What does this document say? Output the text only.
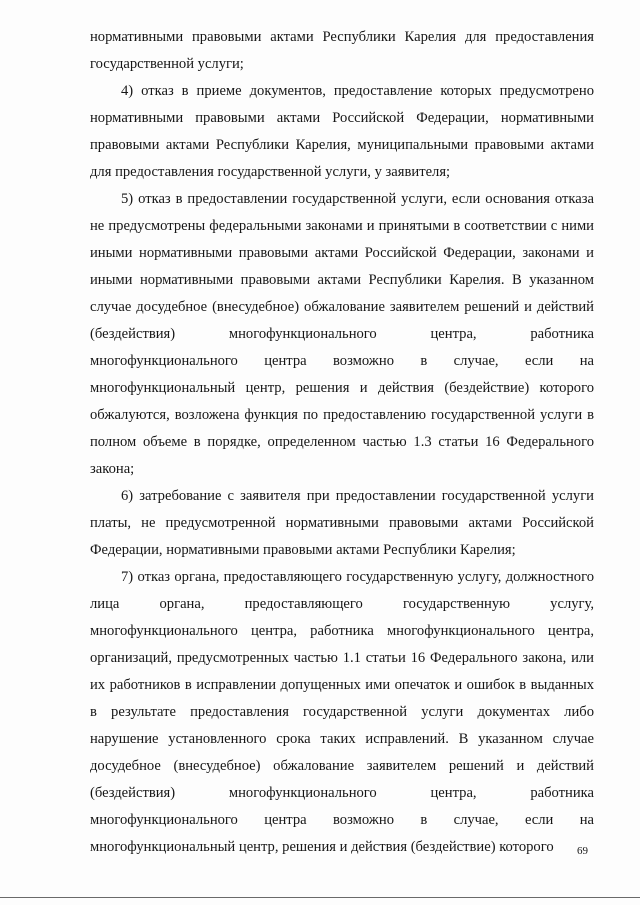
нормативными правовыми актами Республики Карелия для предоставления государственной услуги;

4) отказ в приеме документов, предоставление которых предусмотрено нормативными правовыми актами Российской Федерации, нормативными правовыми актами Республики Карелия, муниципальными правовыми актами для предоставления государственной услуги, у заявителя;

5) отказ в предоставлении государственной услуги, если основания отказа не предусмотрены федеральными законами и принятыми в соответствии с ними иными нормативными правовыми актами Российской Федерации, законами и иными нормативными правовыми актами Республики Карелия. В указанном случае досудебное (внесудебное) обжалование заявителем решений и действий (бездействия) многофункционального центра, работника многофункционального центра возможно в случае, если на многофункциональный центр, решения и действия (бездействие) которого обжалуются, возложена функция по предоставлению государственной услуги в полном объеме в порядке, определенном частью 1.3 статьи 16 Федерального закона;

6) затребование с заявителя при предоставлении государственной услуги платы, не предусмотренной нормативными правовыми актами Российской Федерации, нормативными правовыми актами Республики Карелия;

7) отказ органа, предоставляющего государственную услугу, должностного лица органа, предоставляющего государственную услугу, многофункционального центра, работника многофункционального центра, организаций, предусмотренных частью 1.1 статьи 16 Федерального закона, или их работников в исправлении допущенных ими опечаток и ошибок в выданных в результате предоставления государственной услуги документах либо нарушение установленного срока таких исправлений. В указанном случае досудебное (внесудебное) обжалование заявителем решений и действий (бездействия) многофункционального центра, работника многофункционального центра возможно в случае, если на многофункциональный центр, решения и действия (бездействие) которого	69
